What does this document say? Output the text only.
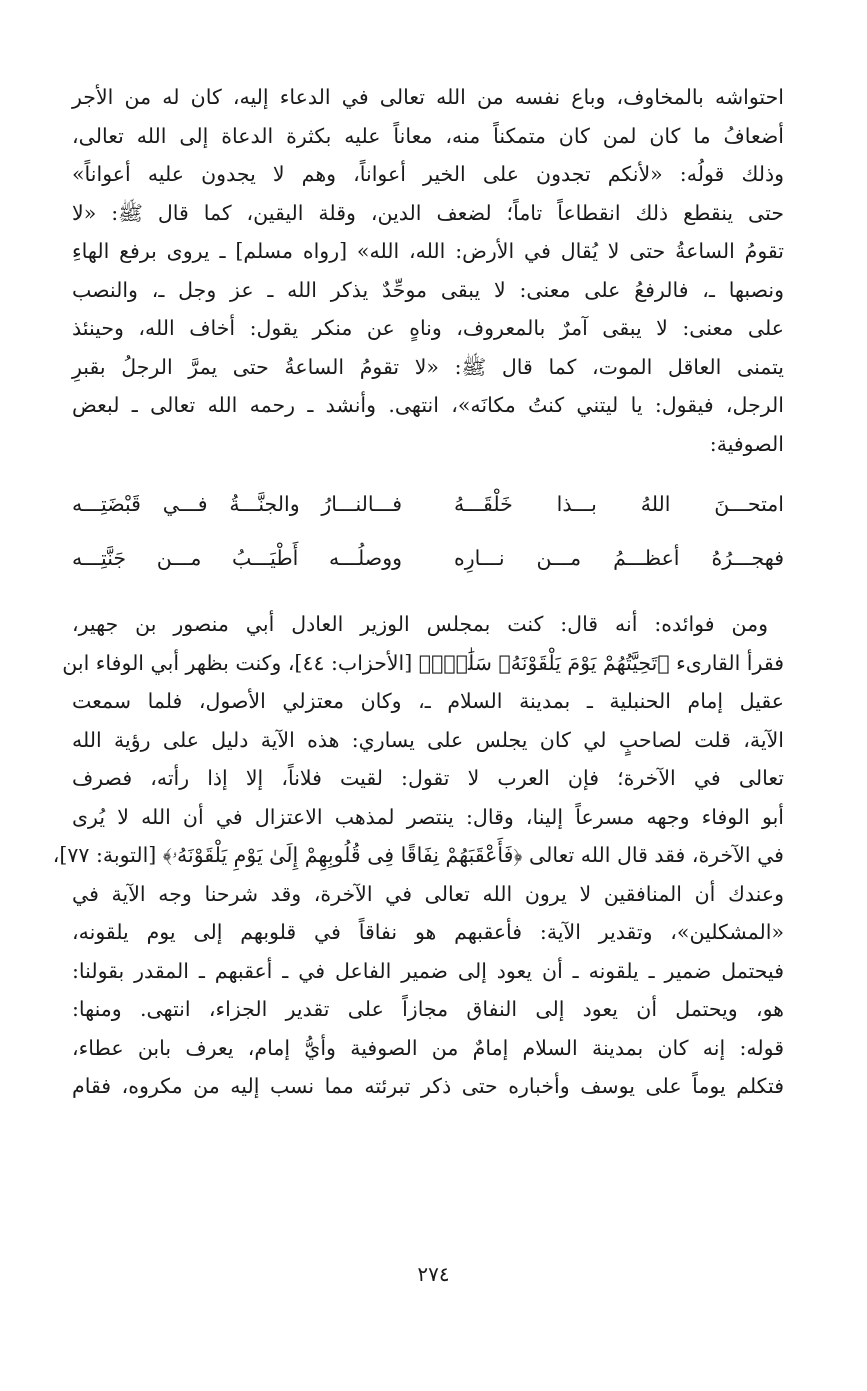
احتواشه بالمخاوف، وباع نفسه من الله تعالى في الدعاء إليه، كان له من الأجر
أضعافُ ما كان لمن كان متمكناً منه، معاناً عليه بكثرة الدعاة إلى الله تعالى،
وذلك قولُه: «لأنكم تجدون على الخير أعواناً، وهم لا يجدون عليه أعواناً»
حتى ينقطع ذلك انقطاعاً تاماً؛ لضعف الدين، وقلة اليقين، كما قال ﷺ: «لا
تقومُ الساعةُ حتى لا يُقال في الأرض: الله، الله» [رواه مسلم] ـ يروى برفع الهاءِ
ونصبها ـ، فالرفعُ على معنى: لا يبقى موحِّدٌ يذكر الله ـ عز وجل ـ، والنصب
على معنى: لا يبقى آمرٌ بالمعروف، وناهٍ عن منكر يقول: أخاف الله، وحينئذ
يتمنى العاقل الموت، كما قال ﷺ: «لا تقومُ الساعةُ حتى يمرَّ الرجلُ بقبرِ
الرجل، فيقول: يا ليتني كنتُ مكانَه»، انتهى. وأنشد ـ رحمه الله تعالى ـ لبعض
الصوفية:
امتحـــنَ اللهُ بـــذا خَلْقَـــهُ
فـــالنـــارُ والجنَّـــةُ فـــي قَبْضَتِـــه
فهجـــرُهُ أعظـــمُ مـــن نـــارِه
ووصلُـــه أَطْيَـــبُ مـــن جَنَّتِـــه
ومن فوائده: أنه قال: كنت بمجلس الوزير العادل أبي منصور بن جهير،
فقرأ القارىء ﴿تَحِيَّتُهُمْ يَوْمَ يَلْقَوْنَهُۥ سَلَٰمٌۚ﴾ [الأحزاب: ٤٤]، وكنت بظهر أبي الوفاء ابن
عقيل إمام الحنبلية ـ بمدينة السلام ـ، وكان معتزلي الأصول، فلما سمعت
الآية، قلت لصاحبٍ لي كان يجلس على يساري: هذه الآية دليل على رؤية الله
تعالى في الآخرة؛ فإن العرب لا تقول: لقيت فلاناً، إلا إذا رأته، فصرف
أبو الوفاء وجهه مسرعاً إلينا، وقال: ينتصر لمذهب الاعتزال في أن الله لا يُرى
في الآخرة، فقد قال الله تعالى ﴿فَأَعْقَبَهُمْ نِفَاقًا فِى قُلُوبِهِمْ إِلَىٰ يَوْمِ يَلْقَوْنَهُۥ﴾ [التوبة: ٧٧]،
وعندك أن المنافقين لا يرون الله تعالى في الآخرة، وقد شرحنا وجه الآية في
«المشكلين»، وتقدير الآية: فأعقبهم هو نفاقاً في قلوبهم إلى يوم يلقونه،
فيحتمل ضمير ـ يلقونه ـ أن يعود إلى ضمير الفاعل في ـ أعقبهم ـ المقدر بقولنا:
هو، ويحتمل أن يعود إلى النفاق مجازاً على تقدير الجزاء، انتهى. ومنها:
قوله: إنه كان بمدينة السلام إمامٌ من الصوفية وأيُّ إمام، يعرف بابن عطاء،
فتكلم يوماً على يوسف وأخباره حتى ذكر تبرئته مما نسب إليه من مكروه، فقام
٢٧٤
